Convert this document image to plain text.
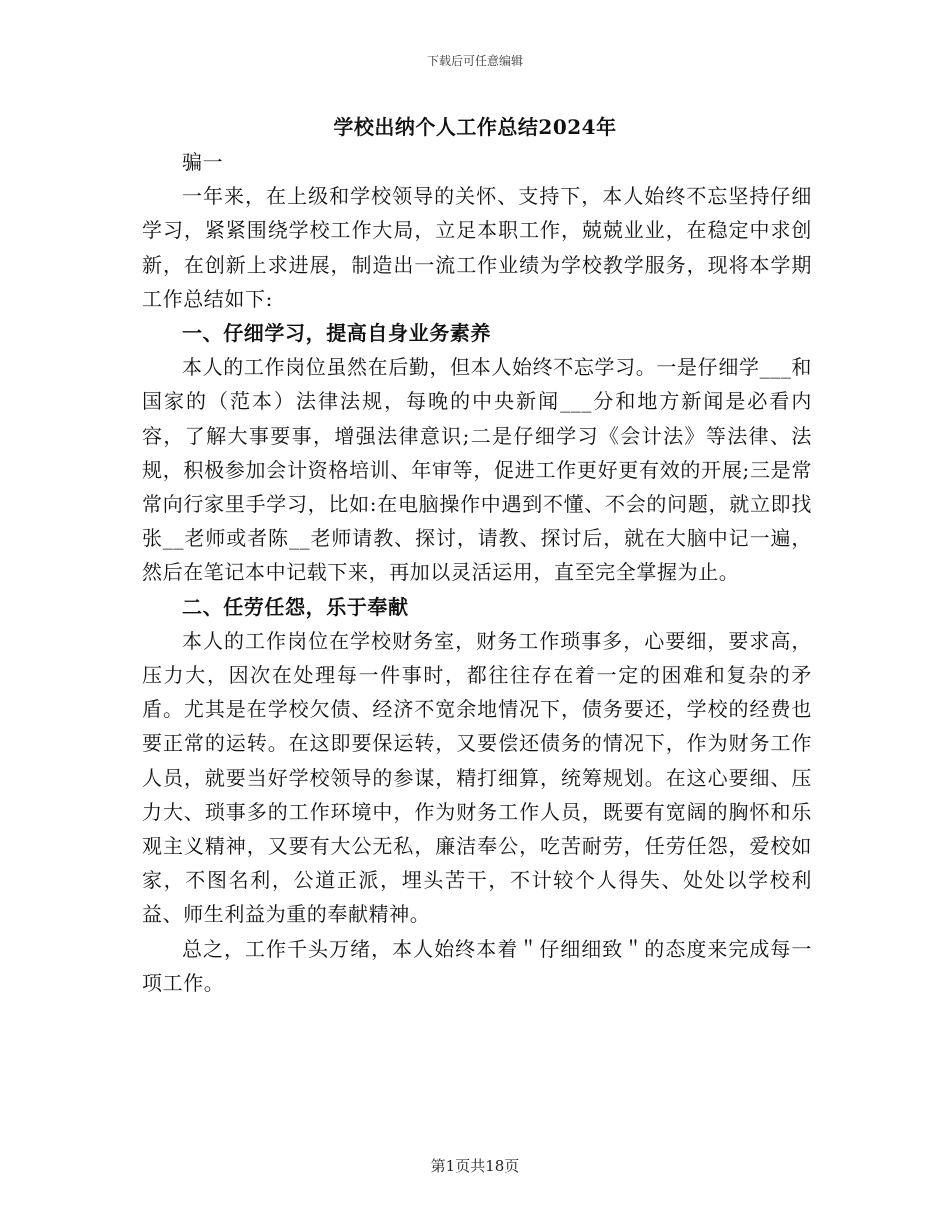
下载后可任意编辑
学校出纳个人工作总结2024年

骗一

一年来，在上级和学校领导的关怀、支持下，本人始终不忘坚持仔细学习，紧紧围绕学校工作大局，立足本职工作，兢兢业业，在稳定中求创新，在创新上求进展，制造出一流工作业绩为学校教学服务，现将本学期工作总结如下:

一、仔细学习，提高自身业务素养

本人的工作岗位虽然在后勤，但本人始终不忘学习。一是仔细学___和国家的（范本）法律法规，每晚的中央新闻___分和地方新闻是必看内容，了解大事要事，增强法律意识;二是仔细学习《会计法》等法律、法规，积极参加会计资格培训、年审等，促进工作更好更有效的开展;三是常常向行家里手学习，比如:在电脑操作中遇到不懂、不会的问题，就立即找张__老师或者陈__老师请教、探讨，请教、探讨后，就在大脑中记一遍，然后在笔记本中记载下来，再加以灵活运用，直至完全掌握为止。

二、任劳任怨，乐于奉献

本人的工作岗位在学校财务室，财务工作琐事多，心要细，要求高，压力大，因次在处理每一件事时，都往往存在着一定的困难和复杂的矛盾。尤其是在学校欠债、经济不宽余地情况下，债务要还，学校的经费也要正常的运转。在这即要保运转，又要偿还债务的情况下，作为财务工作人员，就要当好学校领导的参谋，精打细算，统筹规划。在这心要细、压力大、琐事多的工作环境中，作为财务工作人员，既要有宽阔的胸怀和乐观主义精神，又要有大公无私，廉洁奉公，吃苦耐劳，任劳任怨，爱校如家，不图名利，公道正派，埋头苦干，不计较个人得失、处处以学校利益、师生利益为重的奉献精神。

总之，工作千头万绪，本人始终本着＂仔细细致＂的态度来完成每一项工作。

第1页共18页
